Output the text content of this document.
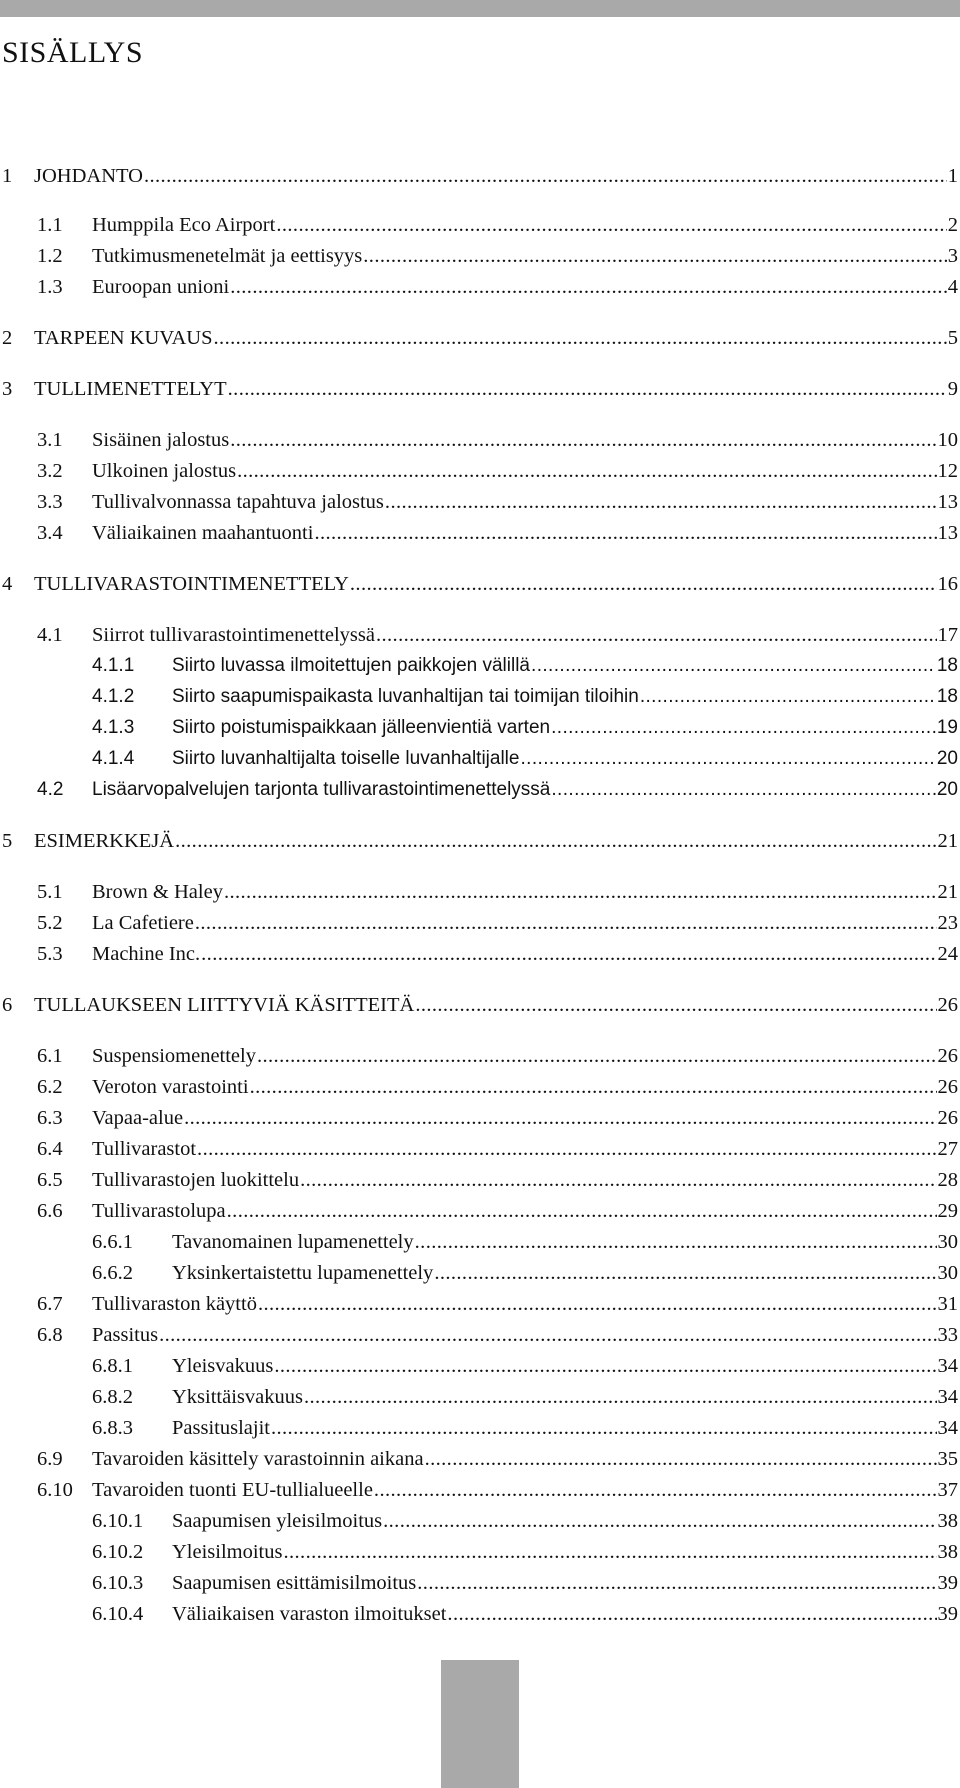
SISÄLLYS
1	JOHDANTO .....	1
1.1	Humppila Eco Airport .....	2
1.2	Tutkimusmenetelmät ja eettisyys .....	3
1.3	Euroopan unioni .....	4
2	TARPEEN KUVAUS .....	5
3	TULLIMENETTELYT .....	9
3.1	Sisäinen jalostus .....	10
3.2	Ulkoinen jalostus .....	12
3.3	Tullivalvonnassa tapahtuva jalostus .....	13
3.4	Väliaikainen maahantuonti .....	13
4	TULLIVARASTOINTIMENETTELY .....	16
4.1	Siirrot tullivarastointimenettelyssä .....	17
4.1.1	Siirto luvassa ilmoitettujen paikkojen välillä .....	18
4.1.2	Siirto saapumispaikasta luvanhaltijan tai toimijan tiloihin .....	18
4.1.3	Siirto poistumispaikkaan jälleenvientiä varten .....	19
4.1.4	Siirto luvanhaltijalta toiselle luvanhaltijalle .....	20
4.2	Lisäarvopalvelujen tarjonta tullivarastointimenettelyssä .....	20
5	ESIMERKKEJÄ .....	21
5.1	Brown & Haley .....	21
5.2	La Cafetiere .....	23
5.3	Machine Inc. .....	24
6	TULLAUKSEEN LIITTYVIÄ KÄSITTEITÄ .....	26
6.1	Suspensiomenettely .....	26
6.2	Veroton varastointi .....	26
6.3	Vapaa-alue .....	26
6.4	Tullivarastot .....	27
6.5	Tullivarastojen luokittelu .....	28
6.6	Tullivarastolupa .....	29
6.6.1	Tavanomainen lupamenettely .....	30
6.6.2	Yksinkertaistettu lupamenettely .....	30
6.7	Tullivaraston käyttö .....	31
6.8	Passitus .....	33
6.8.1	Yleisvakuus .....	34
6.8.2	Yksittäisvakuus .....	34
6.8.3	Passituslajit .....	34
6.9	Tavaroiden käsittely varastoinnin aikana .....	35
6.10 Tavaroiden tuonti EU-tullialueelle .....	37
6.10.1	Saapumisen yleisilmoitus .....	38
6.10.2	Yleisilmoitus .....	38
6.10.3	Saapumisen esittämisilmoitus .....	39
6.10.4	Väliaikaisen varaston ilmoitukset .....	39
